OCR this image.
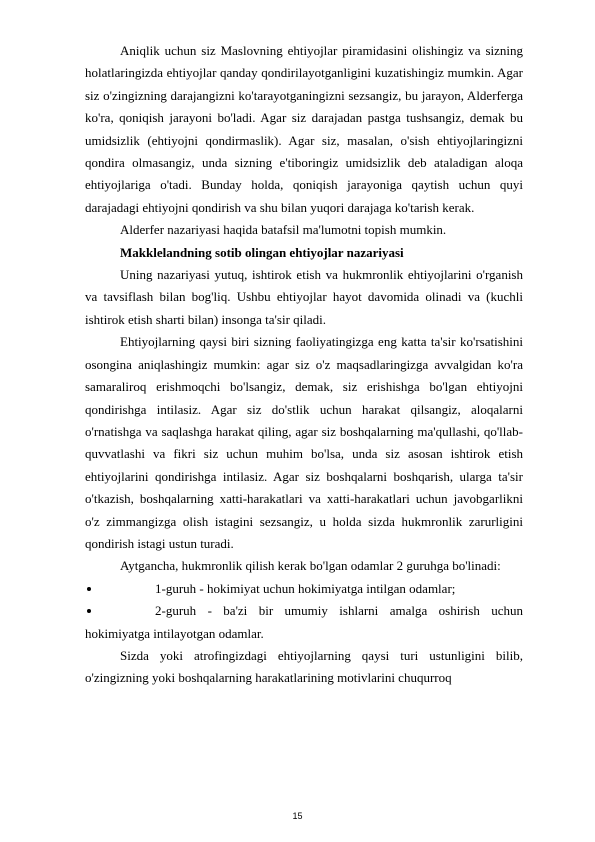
Aniqlik uchun siz Maslovning ehtiyojlar piramidasini olishingiz va sizning holatlaringizda ehtiyojlar qanday qondirilayotganligini kuzatishingiz mumkin. Agar siz o'zingizning darajangizni ko'tarayotganingizni sezsangiz, bu jarayon, Alderferga ko'ra, qoniqish jarayoni bo'ladi. Agar siz darajadan pastga tushsangiz, demak bu umidsizlik (ehtiyojni qondirmaslik). Agar siz, masalan, o'sish ehtiyojlaringizni qondira olmasangiz, unda sizning e'tiboringiz umidsizlik deb ataladigan aloqa ehtiyojlariga o'tadi. Bunday holda, qoniqish jarayoniga qaytish uchun quyi darajadagi ehtiyojni qondirish va shu bilan yuqori darajaga ko'tarish kerak.

Alderfer nazariyasi haqida batafsil ma'lumotni topish mumkin.

Makklelandning sotib olingan ehtiyojlar nazariyasi

Uning nazariyasi yutuq, ishtirok etish va hukmronlik ehtiyojlarini o'rganish va tavsiflash bilan bog'liq. Ushbu ehtiyojlar hayot davomida olinadi va (kuchli ishtirok etish sharti bilan) insonga ta'sir qiladi.

Ehtiyojlarning qaysi biri sizning faoliyatingizga eng katta ta'sir ko'rsatishini osongina aniqlashingiz mumkin: agar siz o'z maqsadlaringizga avvalgidan ko'ra samaraliroq erishmoqchi bo'lsangiz, demak, siz erishishga bo'lgan ehtiyojni qondirishga intilasiz. Agar siz do'stlik uchun harakat qilsangiz, aloqalarni o'rnatishga va saqlashga harakat qiling, agar siz boshqalarning ma'qullashi, qo'llab-quvvatlashi va fikri siz uchun muhim bo'lsa, unda siz asosan ishtirok etish ehtiyojlarini qondirishga intilasiz. Agar siz boshqalarni boshqarish, ularga ta'sir o'tkazish, boshqalarning xatti-harakatlari va xatti-harakatlari uchun javobgarlikni o'z zimmangizga olish istagini sezsangiz, u holda sizda hukmronlik zarurligini qondirish istagi ustun turadi.

Aytgancha, hukmronlik qilish kerak bo'lgan odamlar 2 guruhga bo'linadi:

1-guruh - hokimiyat uchun hokimiyatga intilgan odamlar;

2-guruh - ba'zi bir umumiy ishlarni amalga oshirish uchun hokimiyatga intilayotgan odamlar.

Sizda yoki atrofingizdagi ehtiyojlarning qaysi turi ustunligini bilib, o'zingizning yoki boshqalarning harakatlarining motivlarini chuqurroq

15
